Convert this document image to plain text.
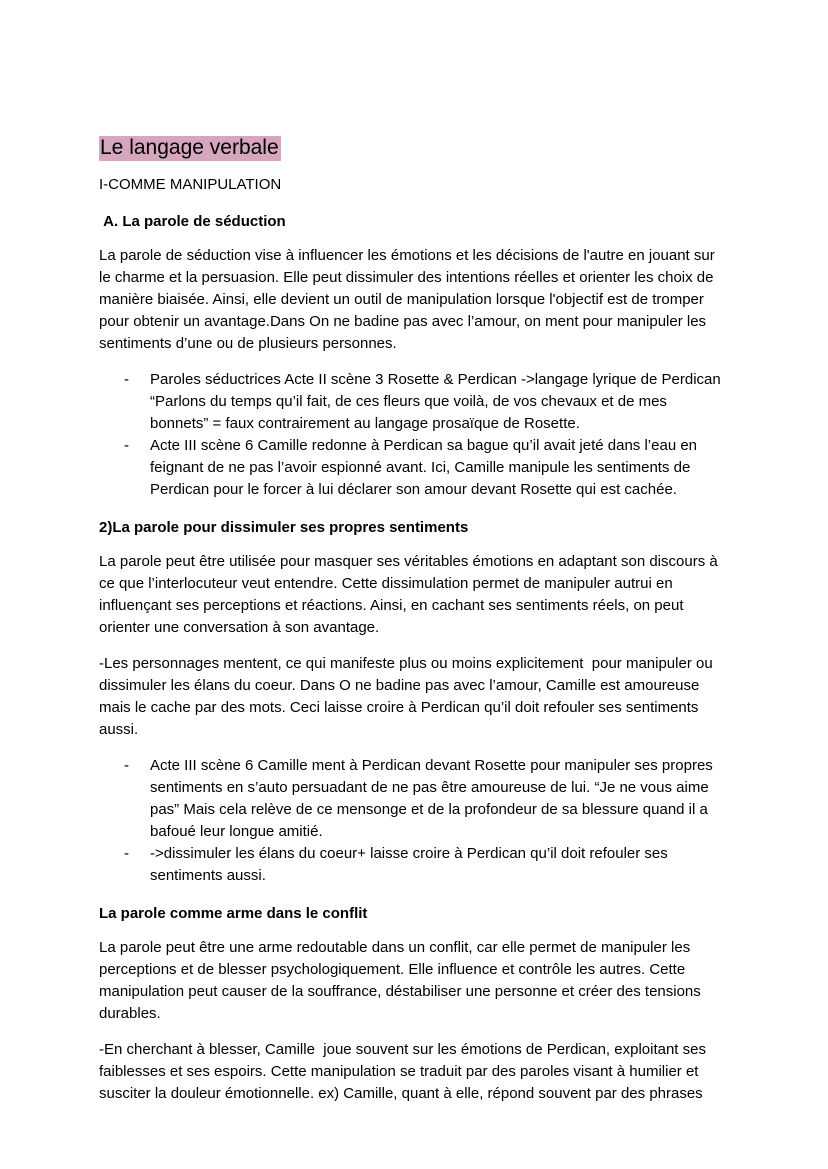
Le langage verbale

I-COMME MANIPULATION

A. La parole de séduction

La parole de séduction vise à influencer les émotions et les décisions de l'autre en jouant sur le charme et la persuasion. Elle peut dissimuler des intentions réelles et orienter les choix de manière biaisée. Ainsi, elle devient un outil de manipulation lorsque l'objectif est de tromper pour obtenir un avantage.Dans On ne badine pas avec l’amour, on ment pour manipuler les sentiments d’une ou de plusieurs personnes.

-	Paroles séductrices Acte II scène 3 Rosette & Perdican ->langage lyrique de Perdican “Parlons du temps qu’il fait, de ces fleurs que voilà, de vos chevaux et de mes bonnets” = faux contrairement au langage prosaïque de Rosette.
-	Acte III scène 6 Camille redonne à Perdican sa bague qu’il avait jeté dans l’eau en feignant de ne pas l’avoir espionné avant. Ici, Camille manipule les sentiments de Perdican pour le forcer à lui déclarer son amour devant Rosette qui est cachée.

2)La parole pour dissimuler ses propres sentiments

La parole peut être utilisée pour masquer ses véritables émotions en adaptant son discours à ce que l’interlocuteur veut entendre. Cette dissimulation permet de manipuler autrui en influençant ses perceptions et réactions. Ainsi, en cachant ses sentiments réels, on peut orienter une conversation à son avantage.

-Les personnages mentent, ce qui manifeste plus ou moins explicitement  pour manipuler ou dissimuler les élans du coeur. Dans O ne badine pas avec l’amour, Camille est amoureuse mais le cache par des mots. Ceci laisse croire à Perdican qu’il doit refouler ses sentiments aussi.

-	Acte III scène 6 Camille ment à Perdican devant Rosette pour manipuler ses propres sentiments en s’auto persuadant de ne pas être amoureuse de lui. “Je ne vous aime pas” Mais cela relève de ce mensonge et de la profondeur de sa blessure quand il a bafoué leur longue amitié.
-	->dissimuler les élans du coeur+ laisse croire à Perdican qu’il doit refouler ses sentiments aussi.

La parole comme arme dans le conflit

La parole peut être une arme redoutable dans un conflit, car elle permet de manipuler les perceptions et de blesser psychologiquement. Elle influence et contrôle les autres. Cette manipulation peut causer de la souffrance, déstabiliser une personne et créer des tensions durables.

-En cherchant à blesser, Camille  joue souvent sur les émotions de Perdican, exploitant ses faiblesses et ses espoirs. Cette manipulation se traduit par des paroles visant à humilier et susciter la douleur émotionnelle. ex) Camille, quant à elle, répond souvent par des phrases
